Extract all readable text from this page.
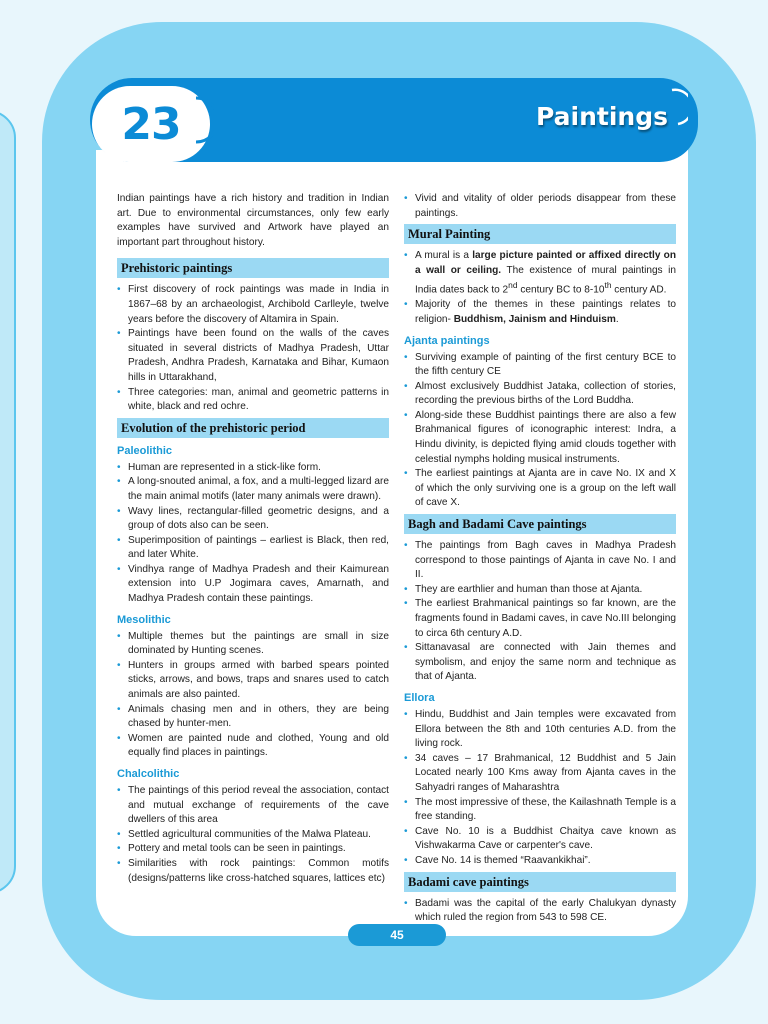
23	Paintings

Indian paintings have a rich history and tradition in Indian art. Due to environmental circumstances, only few early examples have survived and Artwork have played an important part throughout history.

Prehistoric paintings
• First discovery of rock paintings was made in India in 1867–68 by an archaeologist, Archibold Carlleyle, twelve years before the discovery of Altamira in Spain.
• Paintings have been found on the walls of the caves situated in several districts of Madhya Pradesh, Uttar Pradesh, Andhra Pradesh, Karnataka and Bihar, Kumaon hills in Uttarakhand,
• Three categories: man, animal and geometric patterns in white, black and red ochre.
Evolution of the prehistoric period
Paleolithic
• Human are represented in a stick-like form.
• A long-snouted animal, a fox, and a multi-legged lizard are the main animal motifs (later many animals were drawn).
• Wavy lines, rectangular-filled geometric designs, and a group of dots also can be seen.
• Superimposition of paintings – earliest is Black, then red, and later White.
• Vindhya range of Madhya Pradesh and their Kaimurean extension into U.P Jogimara caves, Amarnath, and Madhya Pradesh contain these paintings.
Mesolithic
• Multiple themes but the paintings are small in size dominated by Hunting scenes.
• Hunters in groups armed with barbed spears pointed sticks, arrows, and bows, traps and snares used to catch animals are also painted.
• Animals chasing men and in others, they are being chased by hunter-men.
• Women are painted nude and clothed, Young and old equally find places in paintings.
Chalcolithic
• The paintings of this period reveal the association, contact and mutual exchange of requirements of the cave dwellers of this area
• Settled agricultural communities of the Malwa Plateau.
• Pottery and metal tools can be seen in paintings.
• Similarities with rock paintings: Common motifs (designs/patterns like cross-hatched squares, lattices etc)
• Vivid and vitality of older periods disappear from these paintings.
Mural Painting
• A mural is a large picture painted or affixed directly on a wall or ceiling. The existence of mural paintings in India dates back to 2nd century BC to 8-10th century AD.
• Majority of the themes in these paintings relates to religion- Buddhism, Jainism and Hinduism.
Ajanta paintings
• Surviving example of painting of the first century BCE to the fifth century CE
• Almost exclusively Buddhist Jataka, collection of stories, recording the previous births of the Lord Buddha.
• Along-side these Buddhist paintings there are also a few Brahmanical figures of iconographic interest: Indra, a Hindu divinity, is depicted flying amid clouds together with celestial nymphs holding musical instruments.
• The earliest paintings at Ajanta are in cave No. IX and X of which the only surviving one is a group on the left wall of cave X.
Bagh and Badami Cave paintings
• The paintings from Bagh caves in Madhya Pradesh correspond to those paintings of Ajanta in cave No. I and II.
• They are earthlier and human than those at Ajanta.
• The earliest Brahmanical paintings so far known, are the fragments found in Badami caves, in cave No.III belonging to circa 6th century A.D.
• Sittanavasal are connected with Jain themes and symbolism, and enjoy the same norm and technique as that of Ajanta.
Ellora
• Hindu, Buddhist and Jain temples were excavated from Ellora between the 8th and 10th centuries A.D. from the living rock.
• 34 caves – 17 Brahmanical, 12 Buddhist and 5 Jain Located nearly 100 Kms away from Ajanta caves in the Sahyadri ranges of Maharashtra
• The most impressive of these, the Kailashnath Temple is a free standing.
• Cave No. 10 is a Buddhist Chaitya cave known as Vishwakarma Cave or carpenter's cave.
• Cave No. 14 is themed “Raavankikhai”.
Badami cave paintings
• Badami was the capital of the early Chalukyan dynasty which ruled the region from 543 to 598 CE.
45
